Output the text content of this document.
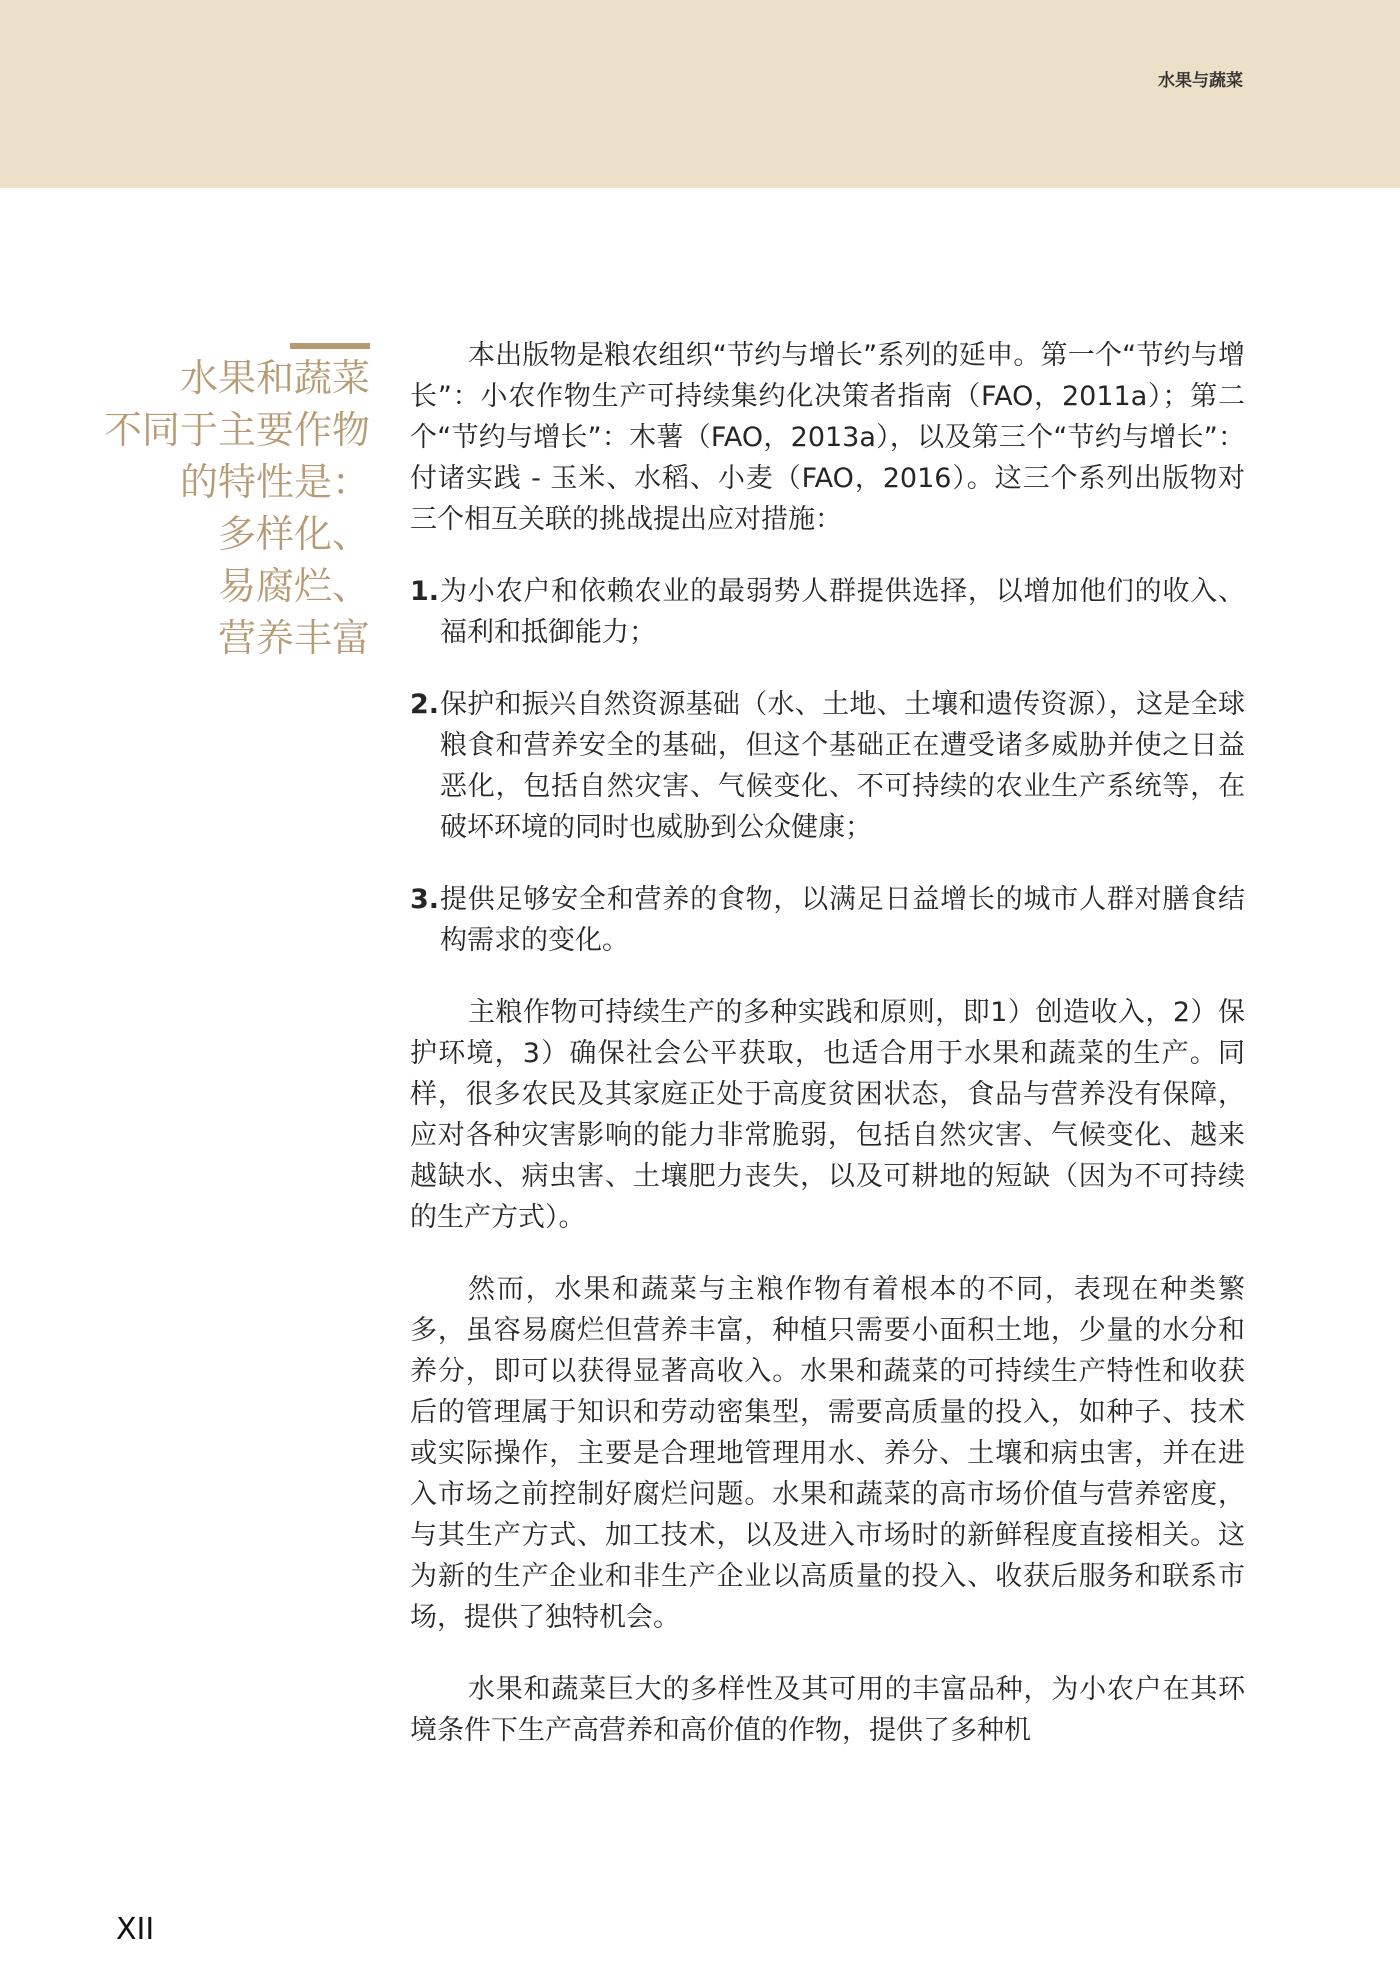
水果与蔬菜
水果和蔬菜
不同于主要作物
的特性是：
多样化、
易腐烂、
营养丰富

本出版物是粮农组织“节约与增长”系列的延申。第一个“节约与增长”：小农作物生产可持续集约化决策者指南（FAO，2011a）；第二个“节约与增长”：木薯（FAO，2013a），以及第三个“节约与增长”：付诸实践 - 玉米、水稻、小麦（FAO，2016）。这三个系列出版物对三个相互关联的挑战提出应对措施：

1. 为小农户和依赖农业的最弱势人群提供选择，以增加他们的收入、福利和抵御能力；
2. 保护和振兴自然资源基础（水、土地、土壤和遗传资源），这是全球粮食和营养安全的基础，但这个基础正在遭受诸多威胁并使之日益恶化，包括自然灾害、气候变化、不可持续的农业生产系统等，在破坏环境的同时也威胁到公众健康；
3. 提供足够安全和营养的食物，以满足日益增长的城市人群对膳食结构需求的变化。

主粮作物可持续生产的多种实践和原则，即1）创造收入，2）保护环境，3）确保社会公平获取，也适合用于水果和蔬菜的生产。同样，很多农民及其家庭正处于高度贫困状态，食品与营养没有保障，应对各种灾害影响的能力非常脆弱，包括自然灾害、气候变化、越来越缺水、病虫害、土壤肥力丧失，以及可耕地的短缺（因为不可持续的生产方式）。

然而，水果和蔬菜与主粮作物有着根本的不同，表现在种类繁多，虽容易腐烂但营养丰富，种植只需要小面积土地，少量的水分和养分，即可以获得显著高收入。水果和蔬菜的可持续生产特性和收获后的管理属于知识和劳动密集型，需要高质量的投入，如种子、技术或实际操作，主要是合理地管理用水、养分、土壤和病虫害，并在进入市场之前控制好腐烂问题。水果和蔬菜的高市场价值与营养密度，与其生产方式、加工技术，以及进入市场时的新鲜程度直接相关。这为新的生产企业和非生产企业以高质量的投入、收获后服务和联系市场，提供了独特机会。

水果和蔬菜巨大的多样性及其可用的丰富品种，为小农户在其环境条件下生产高营养和高价值的作物，提供了多种机

XII
